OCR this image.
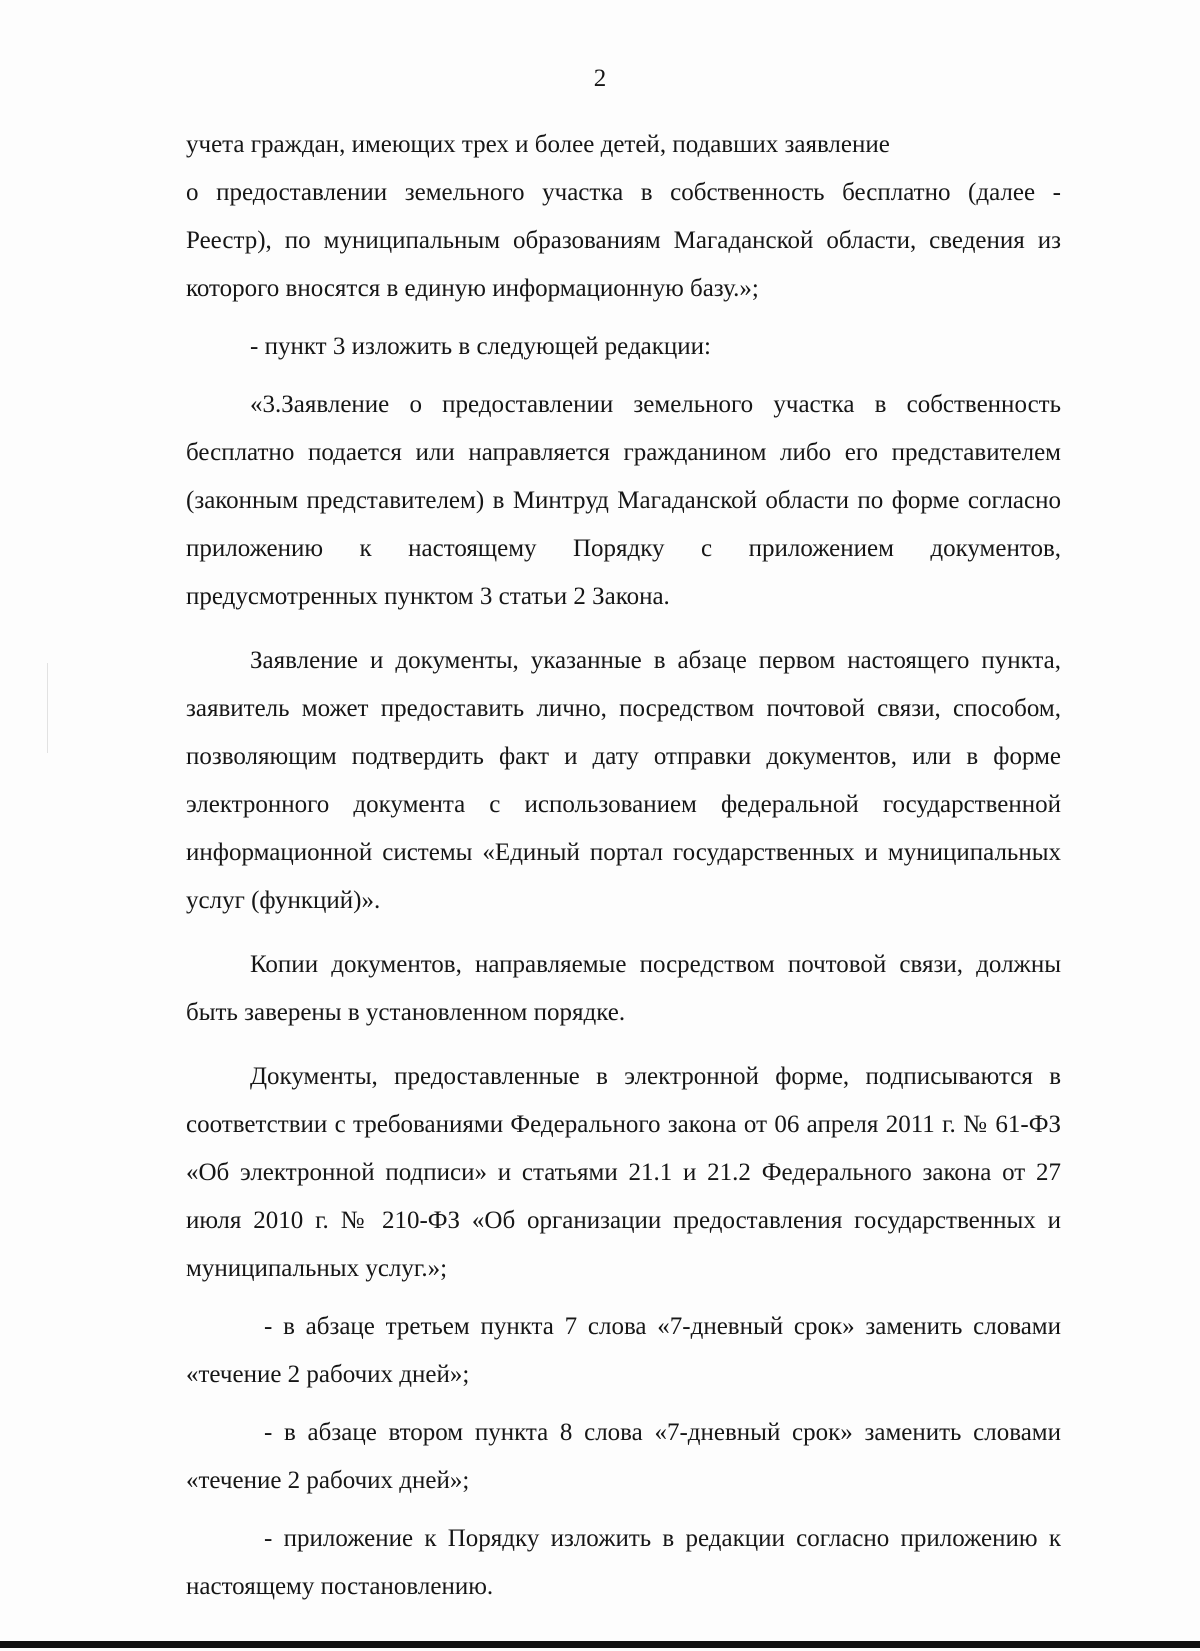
2

учета граждан, имеющих трех и более детей, подавших заявление

о предоставлении земельного участка в собственность бесплатно (далее - Реестр), по муниципальным образованиям Магаданской области, сведения из которого вносятся в единую информационную базу.»;

- пункт 3 изложить в следующей редакции:

«3.Заявление о предоставлении земельного участка в собственность бесплатно подается или направляется гражданином либо его представителем (законным представителем) в Минтруд Магаданской области по форме согласно приложению к настоящему Порядку с приложением документов, предусмотренных пунктом 3 статьи 2 Закона.

Заявление и документы, указанные в абзаце первом настоящего пункта, заявитель может предоставить лично, посредством почтовой связи, способом, позволяющим подтвердить факт и дату отправки документов, или в форме электронного документа с использованием федеральной государственной информационной системы «Единый портал государственных и муниципальных услуг (функций)».

Копии документов, направляемые посредством почтовой связи, должны быть заверены в установленном порядке.

Документы, предоставленные в электронной форме, подписываются в соответствии с требованиями Федерального закона от 06 апреля 2011 г. № 61-ФЗ «Об электронной подписи» и статьями 21.1 и 21.2 Федерального закона от 27 июля 2010 г. № 210-ФЗ «Об организации предоставления государственных и муниципальных услуг.»;

- в абзаце третьем пункта 7 слова «7-дневный срок» заменить словами «течение 2 рабочих дней»;

- в абзаце втором пункта 8 слова «7-дневный срок» заменить словами «течение 2 рабочих дней»;

- приложение к Порядку изложить в редакции согласно приложению к настоящему постановлению.
